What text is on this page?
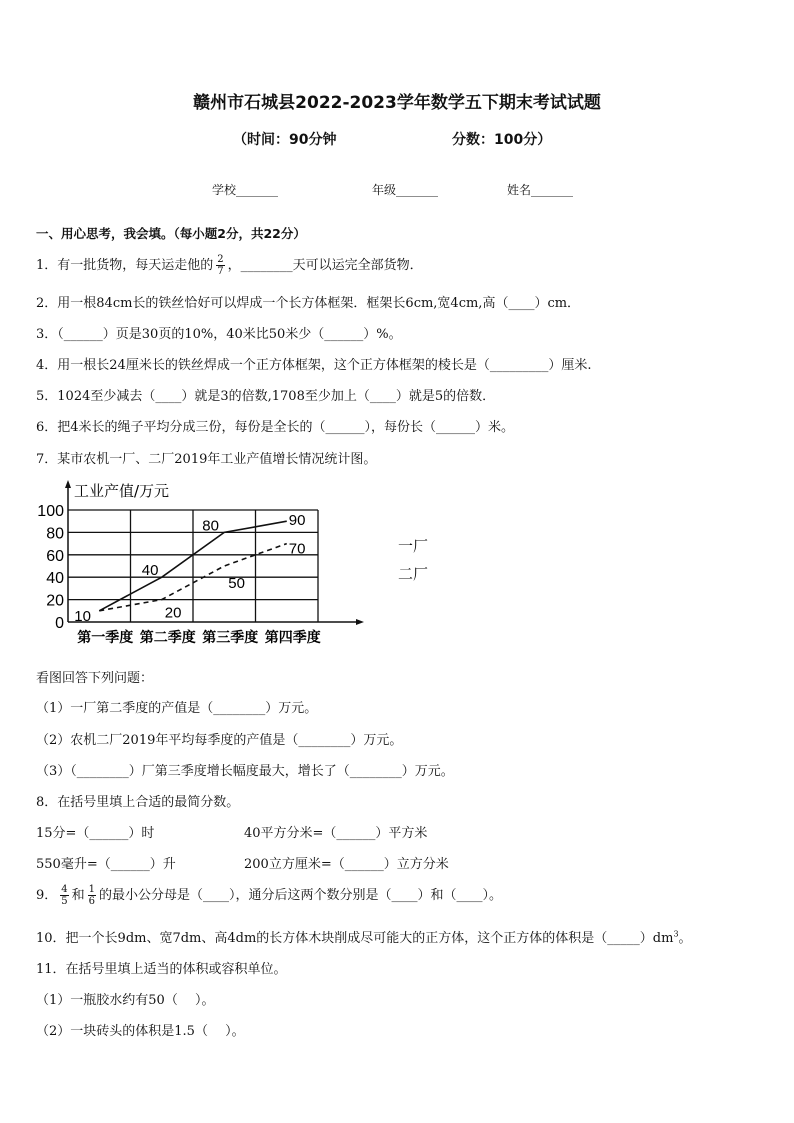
赣州市石城县2022-2023学年数学五下期末考试试题
（时间：90分钟	分数：100分）
学校_______	年级_______	姓名_______
一、用心思考，我会填。（每小题2分，共22分）
1．有一批货物，每天运走他的 $\frac{2}{7}$ ，________天可以运完全部货物．
2．用一根84cm长的铁丝恰好可以焊成一个长方体框架．框架长6cm,宽4cm,高（____）cm．
3．（______）页是30页的10%，40米比50米少（______）%。
4．用一根长24厘米长的铁丝焊成一个正方体框架，这个正方体框架的棱长是（_________）厘米.
5．1024至少减去（____）就是3的倍数,1708至少加上（____）就是5的倍数．
6．把4米长的绳子平均分成三份，每份是全长的（______），每份长（______）米。
7．某市农机一厂、二厂2019年工业产值增长情况统计图。
0
20
40
60
80
100
工业产值/万元
第一季度 第二季度 第三季度 第四季度
10
40
80	90
20
50
70	一厂
二厂
看图回答下列问题：
（1）一厂第二季度的产值是（________）万元。
（2）农机二厂2019年平均每季度的产值是（________）万元。
（3）（________）厂第三季度增长幅度最大，增长了（________）万元。
8．在括号里填上合适的最简分数。
15分=（______）时	40平方分米=（______）平方米
550毫升=（______）升	200立方厘米=（______）立方分米
9． $\frac{4}{5}$ 和 $\frac{1}{6}$ 的最小公分母是（____），通分后这两个数分别是（____）和（____）。
10．把一个长9dm、宽7dm、高4dm的长方体木块削成尽可能大的正方体，这个正方体的体积是$(\_\_\_\_\_)dm^3$。
11．在括号里填上适当的体积或容积单位。
（1）一瓶胶水约有50（　 ）。
（2）一块砖头的体积是1.5（　 ）。
